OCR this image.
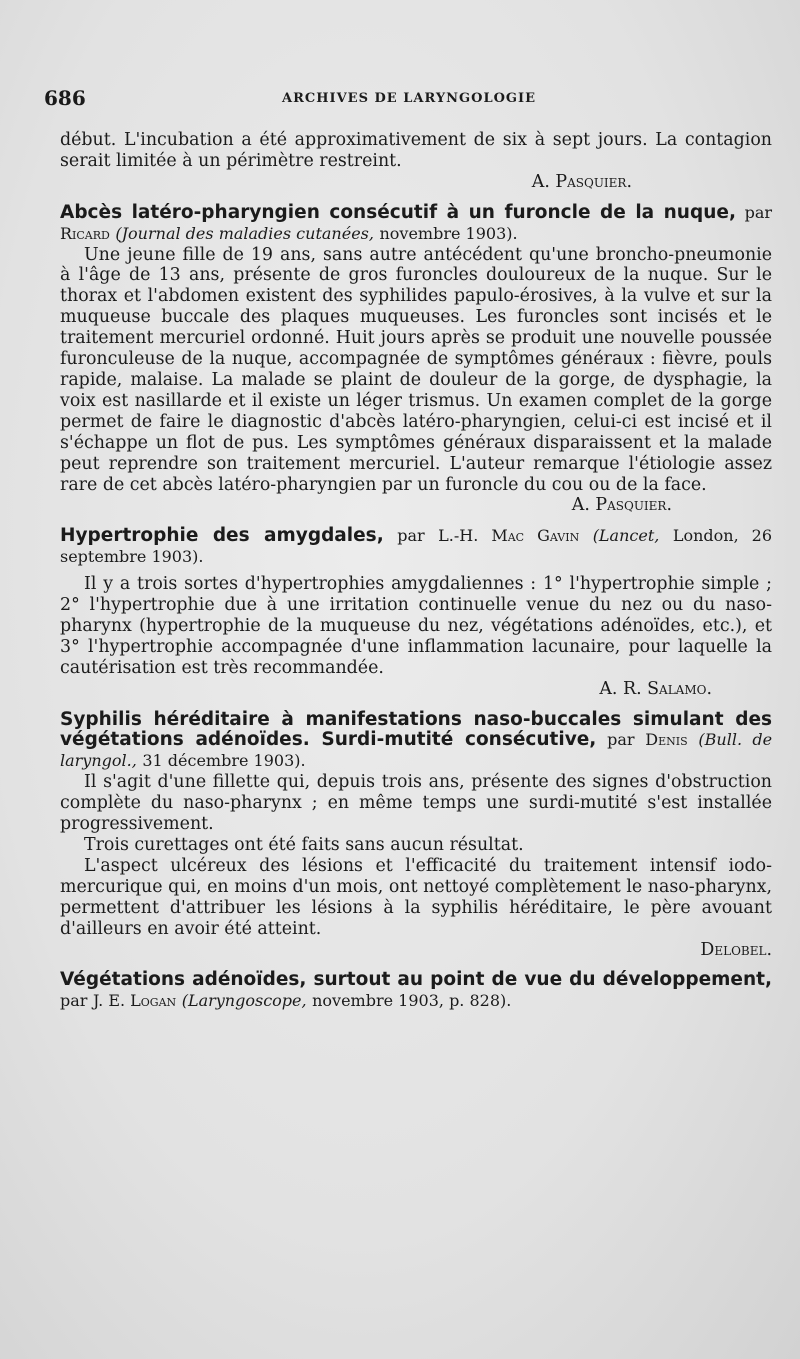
686	ARCHIVES DE LARYNGOLOGIE

début. L'incubation a été approximativement de six à sept jours. La contagion serait limitée à un périmètre restreint.

A. Pasquier.

Abcès latéro-pharyngien consécutif à un furoncle de la nuque, par Ricard (Journal des maladies cutanées, novembre 1903).

Une jeune fille de 19 ans, sans autre antécédent qu'une broncho-pneumonie à l'âge de 13 ans, présente de gros furoncles douloureux de la nuque. Sur le thorax et l'abdomen existent des syphilides papulo-érosives, à la vulve et sur la muqueuse buccale des plaques muqueuses. Les furoncles sont incisés et le traitement mercuriel ordonné. Huit jours après se produit une nouvelle poussée furonculeuse de la nuque, accompagnée de symptômes généraux : fièvre, pouls rapide, malaise. La malade se plaint de douleur de la gorge, de dysphagie, la voix est nasillarde et il existe un léger trismus. Un examen complet de la gorge permet de faire le diagnostic d'abcès latéro-pharyngien, celui-ci est incisé et il s'échappe un flot de pus. Les symptômes généraux disparaissent et la malade peut reprendre son traitement mercuriel. L'auteur remarque l'étiologie assez rare de cet abcès latéro-pharyngien par un furoncle du cou ou de la face.

A. Pasquier.

Hypertrophie des amygdales, par L.-H. Mac Gavin (Lancet, London, 26 septembre 1903).

Il y a trois sortes d'hypertrophies amygdaliennes : 1° l'hypertrophie simple ; 2° l'hypertrophie due à une irritation continuelle venue du nez ou du naso-pharynx (hypertrophie de la muqueuse du nez, végétations adénoïdes, etc.), et 3° l'hypertrophie accompagnée d'une inflammation lacunaire, pour laquelle la cautérisation est très recommandée.

A. R. Salamo.

Syphilis héréditaire à manifestations naso-buccales simulant des végétations adénoïdes. Surdi-mutité consécutive, par Denis (Bull. de laryngol., 31 décembre 1903).

Il s'agit d'une fillette qui, depuis trois ans, présente des signes d'obstruction complète du naso-pharynx ; en même temps une surdi-mutité s'est installée progressivement.

Trois curettages ont été faits sans aucun résultat.

L'aspect ulcéreux des lésions et l'efficacité du traitement intensif iodo-mercurique qui, en moins d'un mois, ont nettoyé complètement le naso-pharynx, permettent d'attribuer les lésions à la syphilis héréditaire, le père avouant d'ailleurs en avoir été atteint.

Delobel.

Végétations adénoïdes, surtout au point de vue du développement, par J. E. Logan (Laryngoscope, novembre 1903, p. 828).
